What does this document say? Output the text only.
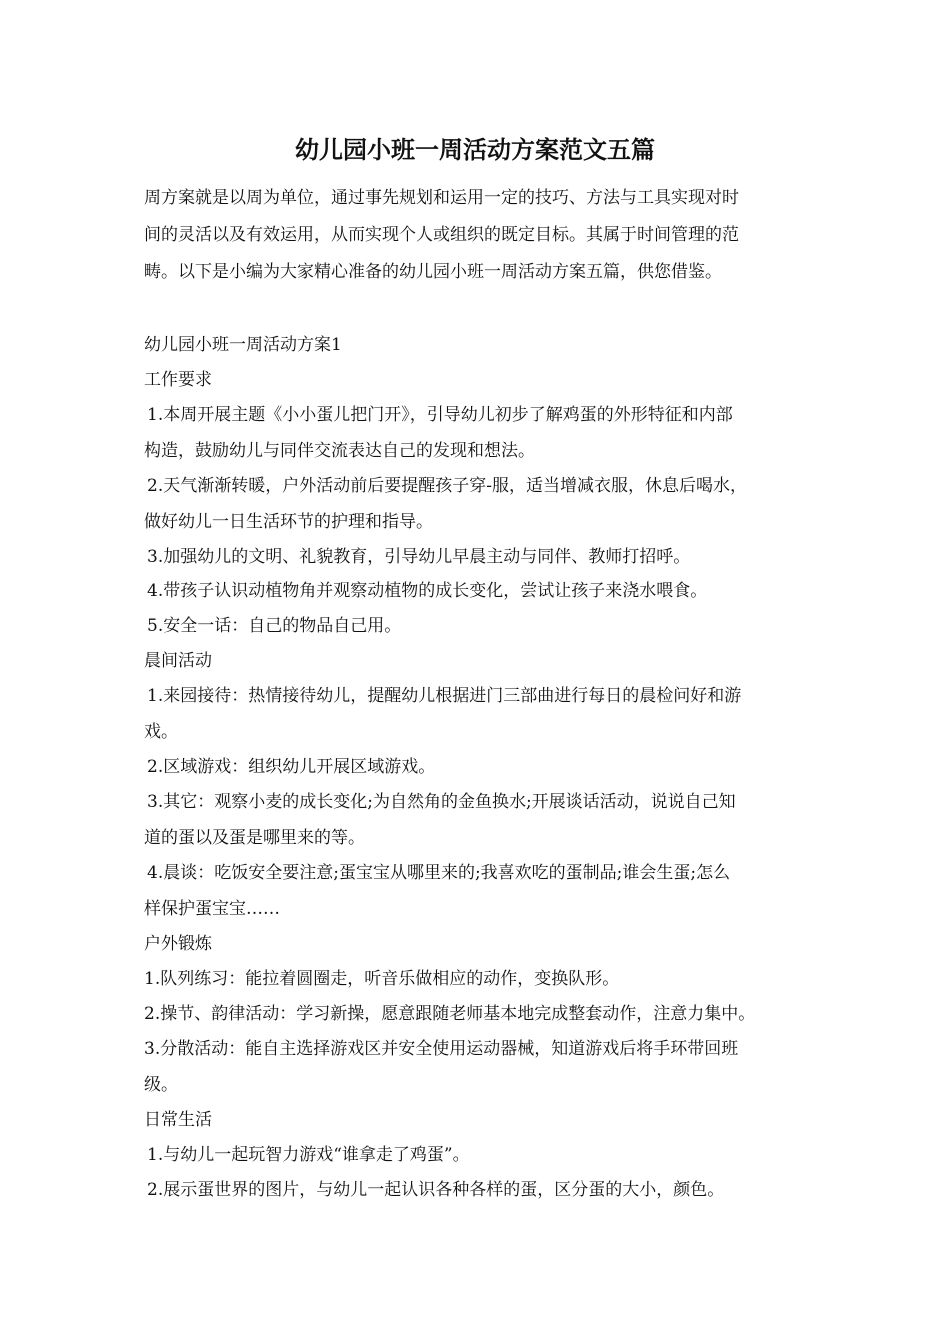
幼儿园小班一周活动方案范文五篇
周方案就是以周为单位，通过事先规划和运用一定的技巧、方法与工具实现对时
间的灵活以及有效运用，从而实现个人或组织的既定目标。其属于时间管理的范
畴。以下是小编为大家精心准备的幼儿园小班一周活动方案五篇，供您借鉴。
幼儿园小班一周活动方案1
工作要求
1.本周开展主题《小小蛋儿把门开》，引导幼儿初步了解鸡蛋的外形特征和内部
构造，鼓励幼儿与同伴交流表达自己的发现和想法。
2.天气渐渐转暖，户外活动前后要提醒孩子穿-服，适当增减衣服，休息后喝水，
做好幼儿一日生活环节的护理和指导。
3.加强幼儿的文明、礼貌教育，引导幼儿早晨主动与同伴、教师打招呼。
4.带孩子认识动植物角并观察动植物的成长变化，尝试让孩子来浇水喂食。
5.安全一话：自己的物品自己用。
晨间活动
1.来园接待：热情接待幼儿，提醒幼儿根据进门三部曲进行每日的晨检问好和游
戏。
2.区域游戏：组织幼儿开展区域游戏。
3.其它：观察小麦的成长变化;为自然角的金鱼换水;开展谈话活动，说说自己知
道的蛋以及蛋是哪里来的等。
4.晨谈：吃饭安全要注意;蛋宝宝从哪里来的;我喜欢吃的蛋制品;谁会生蛋;怎么
样保护蛋宝宝……
户外锻炼
1.队列练习：能拉着圆圈走，听音乐做相应的动作，变换队形。
2.操节、韵律活动：学习新操，愿意跟随老师基本地完成整套动作，注意力集中。
3.分散活动：能自主选择游戏区并安全使用运动器械，知道游戏后将手环带回班
级。
日常生活
1.与幼儿一起玩智力游戏“谁拿走了鸡蛋”。
2.展示蛋世界的图片，与幼儿一起认识各种各样的蛋，区分蛋的大小，颜色。
